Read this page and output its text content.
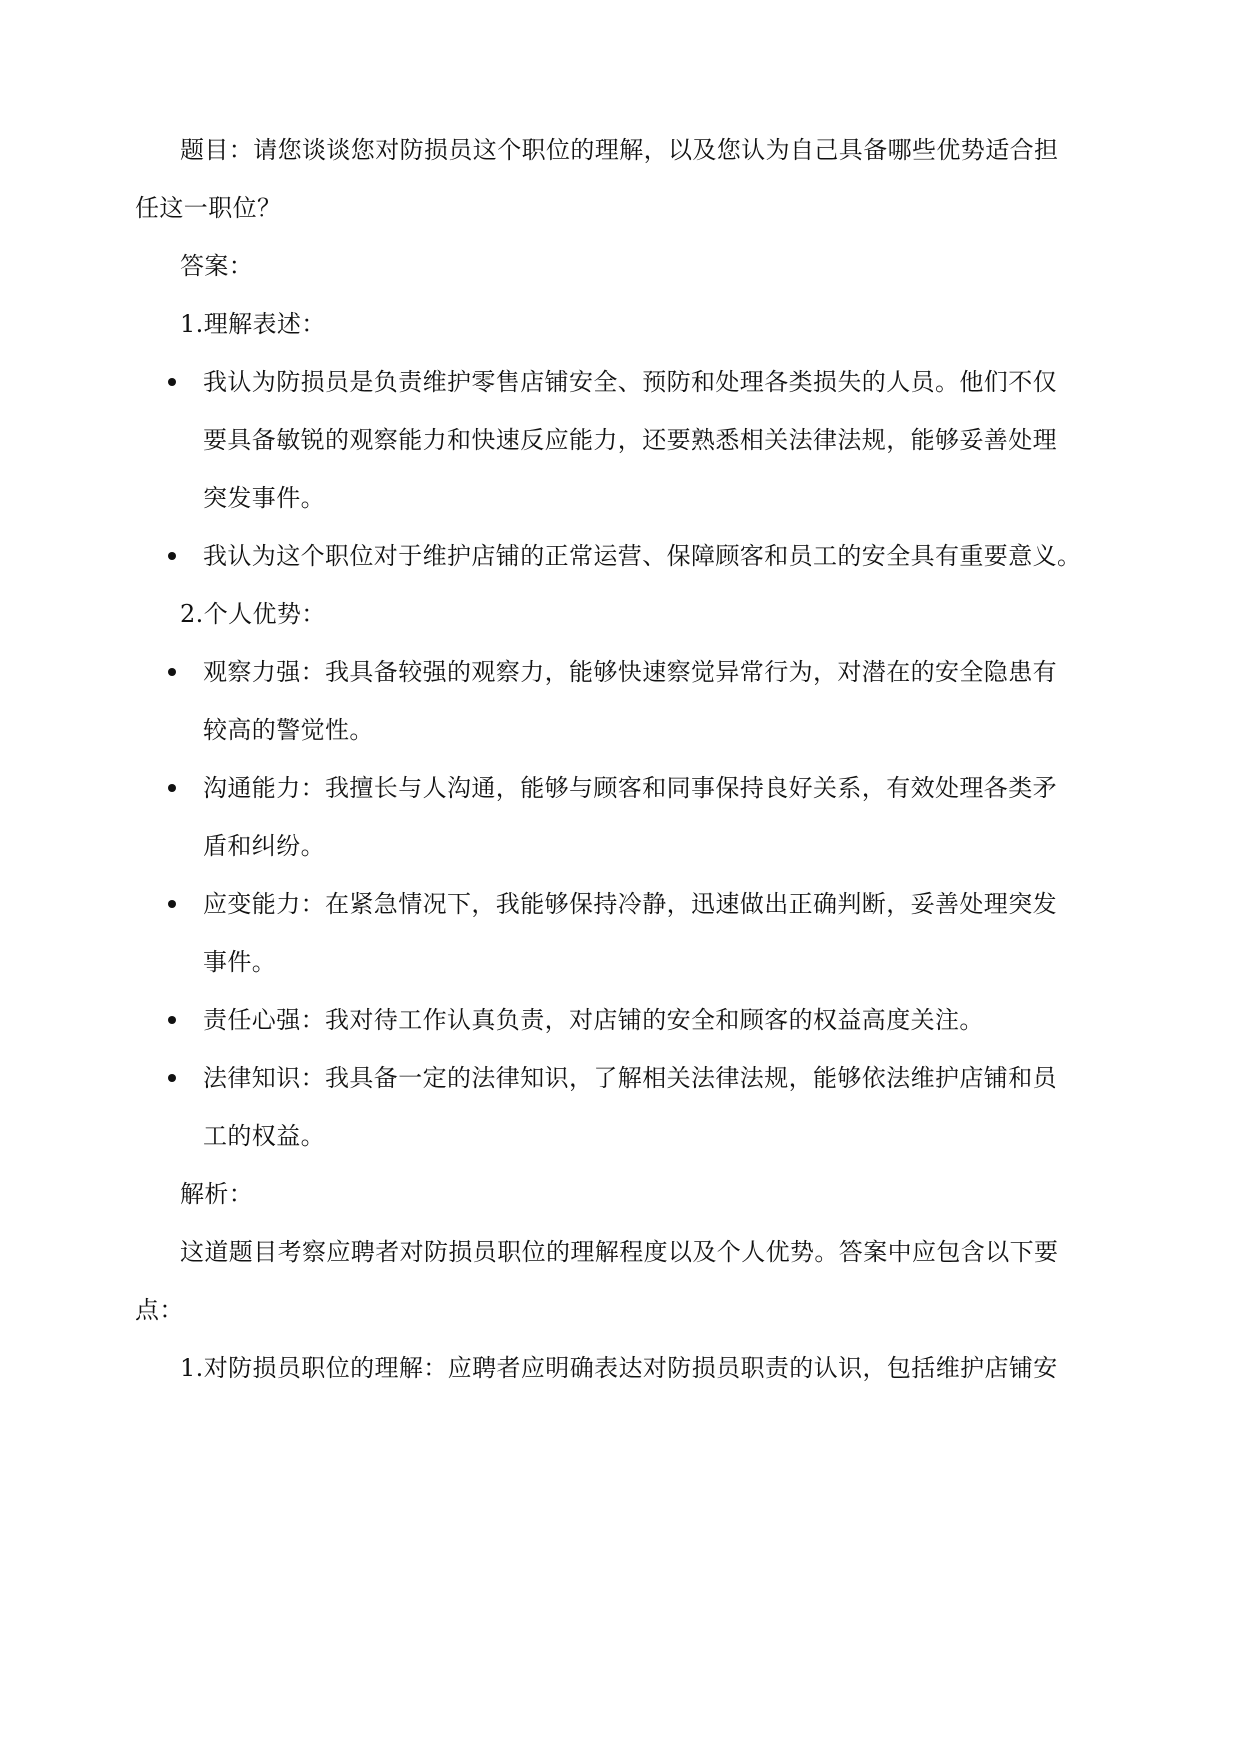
题目：请您谈谈您对防损员这个职位的理解，以及您认为自己具备哪些优势适合担
任这一职位？
答案：
1.理解表述：
我认为防损员是负责维护零售店铺安全、预防和处理各类损失的人员。他们不仅
要具备敏锐的观察能力和快速反应能力，还要熟悉相关法律法规，能够妥善处理
突发事件。
我认为这个职位对于维护店铺的正常运营、保障顾客和员工的安全具有重要意义。
2.个人优势：
观察力强：我具备较强的观察力，能够快速察觉异常行为，对潜在的安全隐患有
较高的警觉性。
沟通能力：我擅长与人沟通，能够与顾客和同事保持良好关系，有效处理各类矛
盾和纠纷。
应变能力：在紧急情况下，我能够保持冷静，迅速做出正确判断，妥善处理突发
事件。
责任心强：我对待工作认真负责，对店铺的安全和顾客的权益高度关注。
法律知识：我具备一定的法律知识，了解相关法律法规，能够依法维护店铺和员
工的权益。
解析：
这道题目考察应聘者对防损员职位的理解程度以及个人优势。答案中应包含以下要
点：
1.对防损员职位的理解：应聘者应明确表达对防损员职责的认识，包括维护店铺安
